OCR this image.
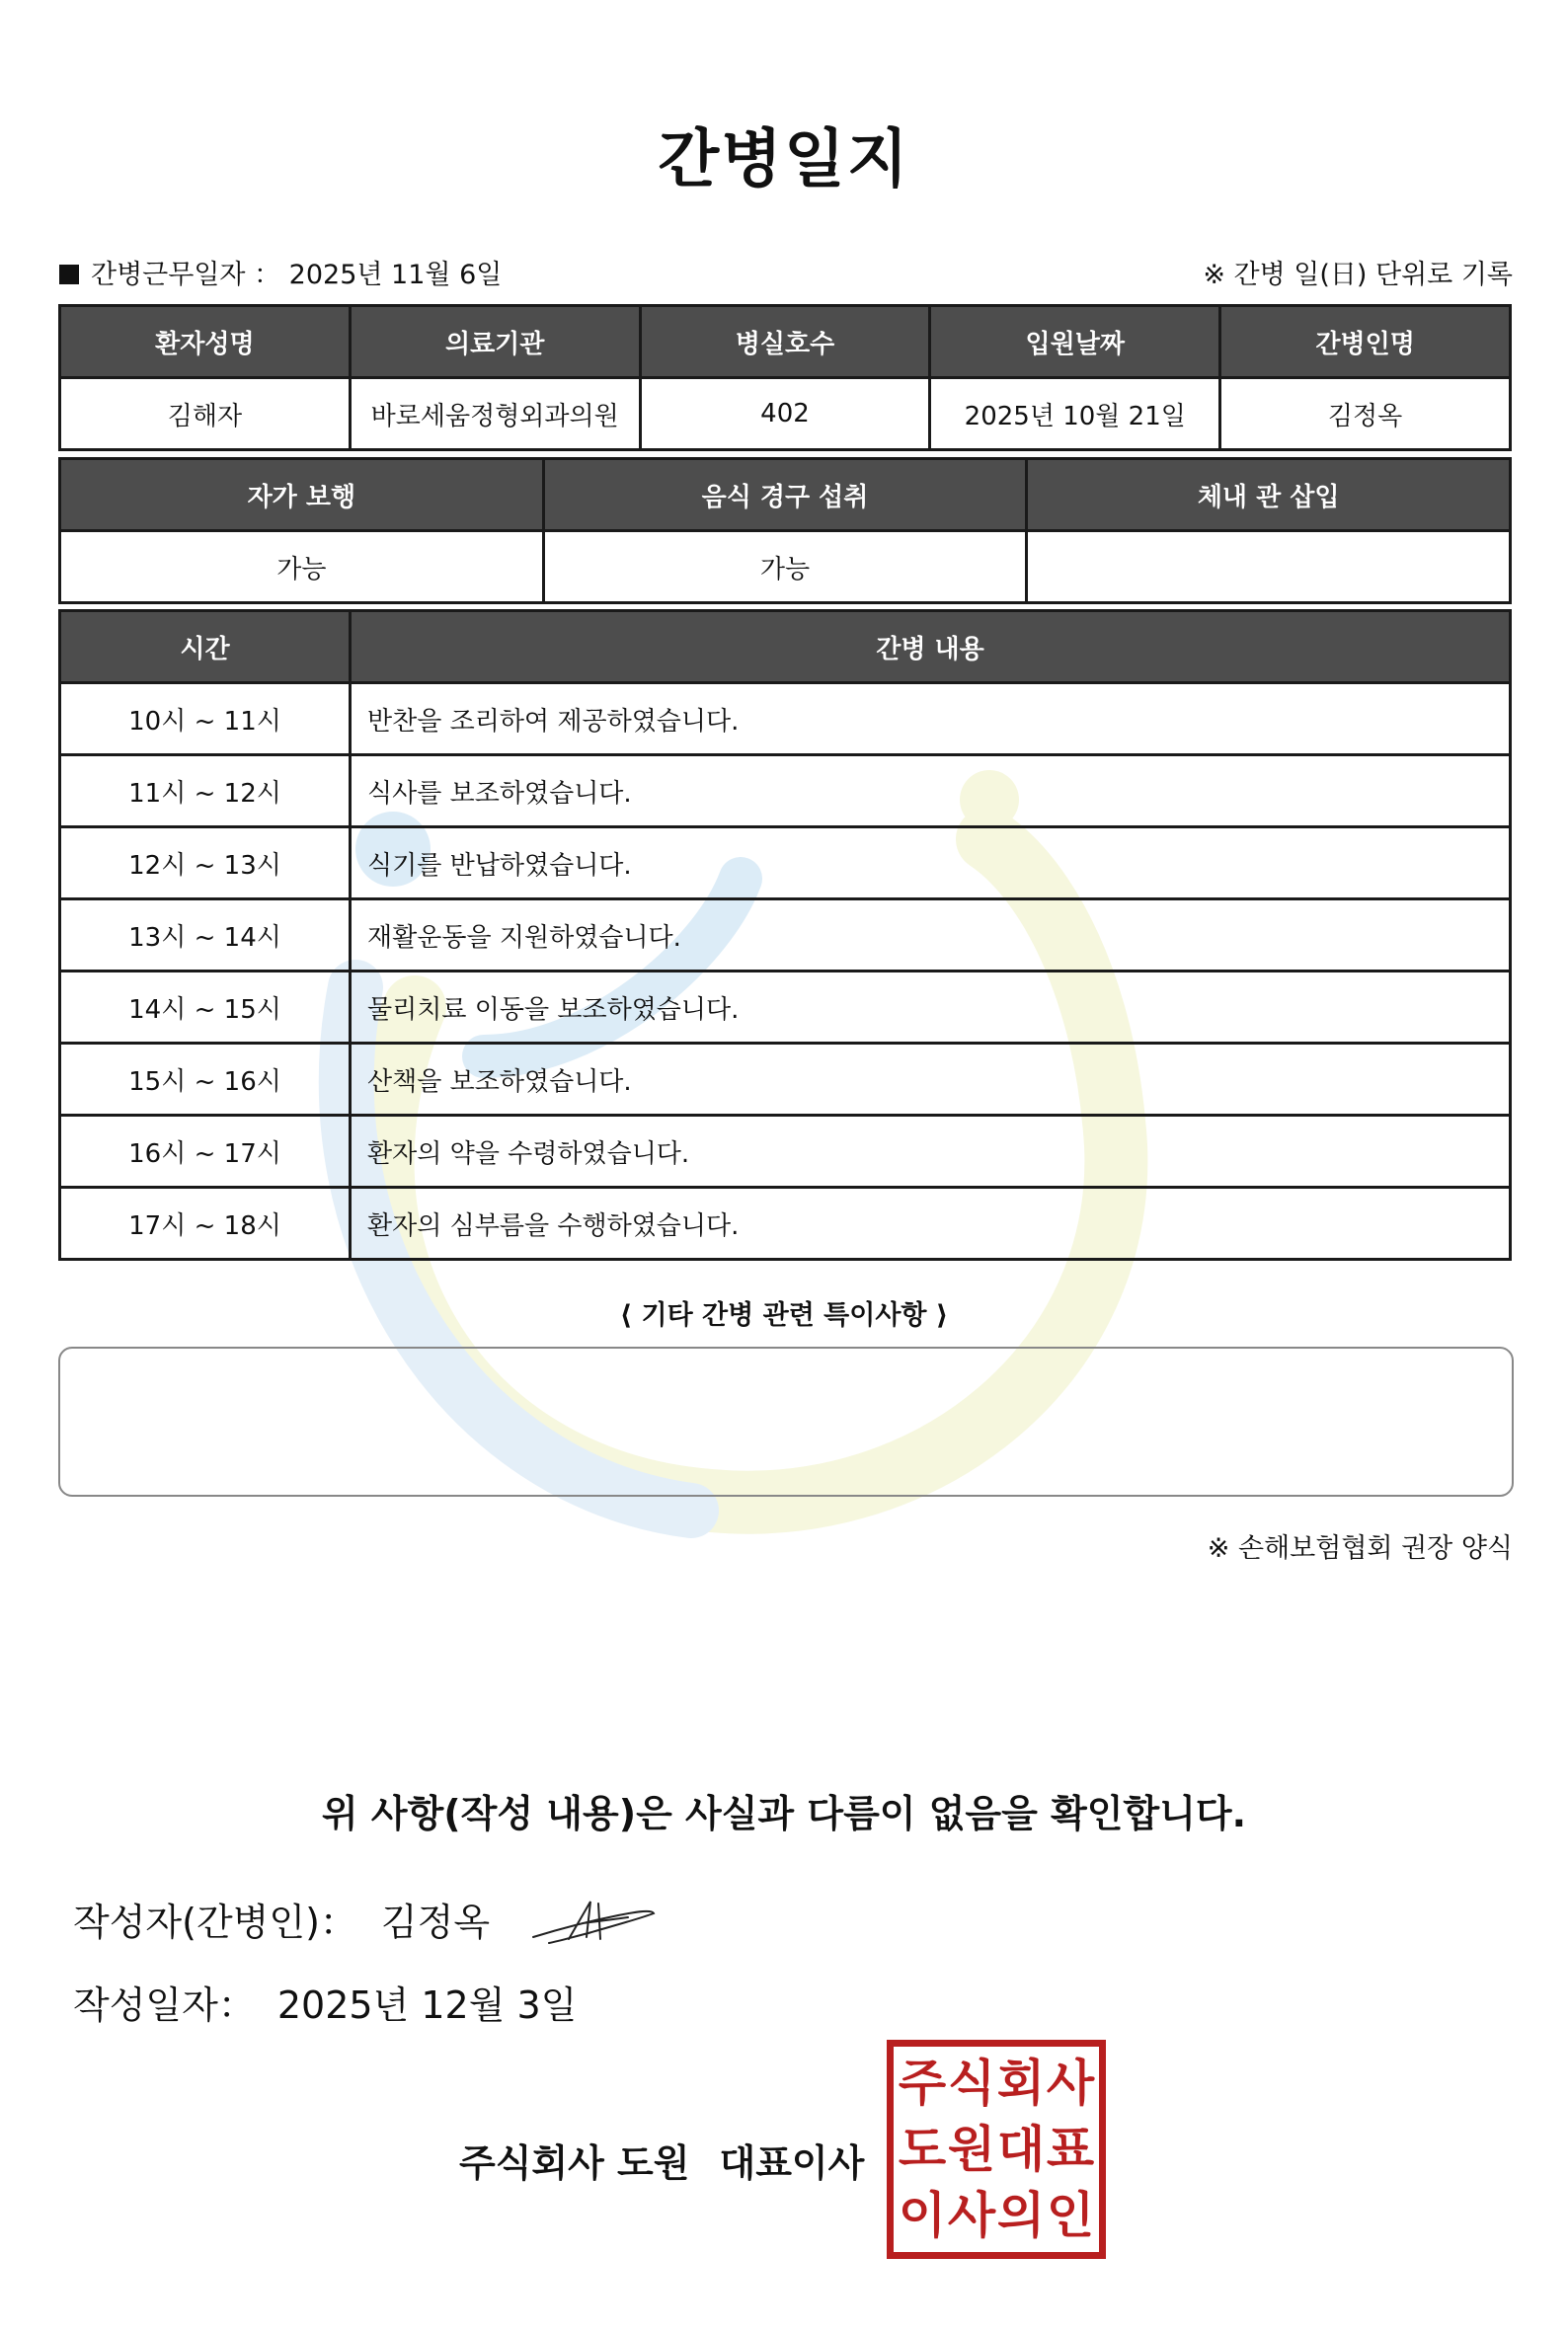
간병일지
간병근무일자 ： 2025년 11월 6일	※ 간병 일(日) 단위로 기록
환자성명	의료기관	병실호수	입원날짜	간병인명
김해자	바로세움정형외과의원	402	2025년 10월 21일	김정옥
자가 보행	음식 경구 섭취	체내 관 삽입
가능	가능	
시간	간병 내용
10시 ~ 11시	반찬을 조리하여 제공하였습니다.
11시 ~ 12시	식사를 보조하였습니다.
12시 ~ 13시	식기를 반납하였습니다.
13시 ~ 14시	재활운동을 지원하였습니다.
14시 ~ 15시	물리치료 이동을 보조하였습니다.
15시 ~ 16시	산책을 보조하였습니다.
16시 ~ 17시	환자의 약을 수령하였습니다.
17시 ~ 18시	환자의 심부름을 수행하였습니다.
⟨ 기타 간병 관련 특이사항 ⟩
※ 손해보험협회 권장 양식
위 사항(작성 내용)은 사실과 다름이 없음을 확인합니다.
작성자(간병인)： 김정옥
작성일자： 2025년 12월 3일
주식회사 도원 대표이사
주 식 회 사
도 원 대 표
이 사 의 인
